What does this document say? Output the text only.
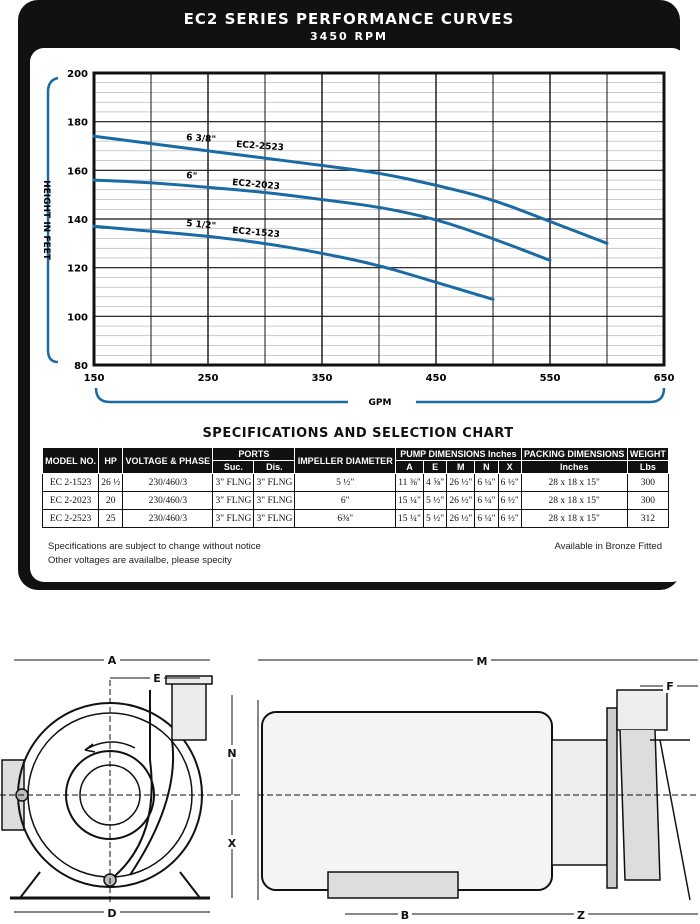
EC2 SERIES PERFORMANCE CURVES
3450 RPM
150	250	350	450	550	650
200
180
160
140
120
100
80
6 3/8"
EC2-2523
6"
EC2-2023
5 1/2"
EC2-1523
GPM
HEIGHT IN FEET
SPECIFICATIONS AND SELECTION CHART
MODEL NO.	HP	VOLTAGE & PHASE	PORTS		IMPELLER DIAMETER	PUMP DIMENSIONS Inches					PACKING DIMENSIONS	WEIGHT
			Suc.	Dis.		A	E	M	N	X	Inches	Lbs
EC 2-1523	26 ½	230/460/3	3" FLNG	3" FLNG	5 ½"	11 ⅜"	4 ⅝"	26 ½"	6 ¼"	6 ½"	28 x 18 x 15"	300
EC 2-2023	20	230/460/3	3" FLNG	3" FLNG	6"	15 ¼"	5 ½"	26 ½"	6 ¼"	6 ½"	28 x 18 x 15"	300
EC 2-2523	25	230/460/3	3" FLNG	3" FLNG	6⅜"	15 ¼"	5 ½"	26 ½"	6 ¼"	6 ½"	28 x 18 x 15"	312
Specifications are subject to change without notice
Other voltages are availalbe, please specity
Available in Bronze Fitted
A
E
N
X
D
M
F
B	Z
